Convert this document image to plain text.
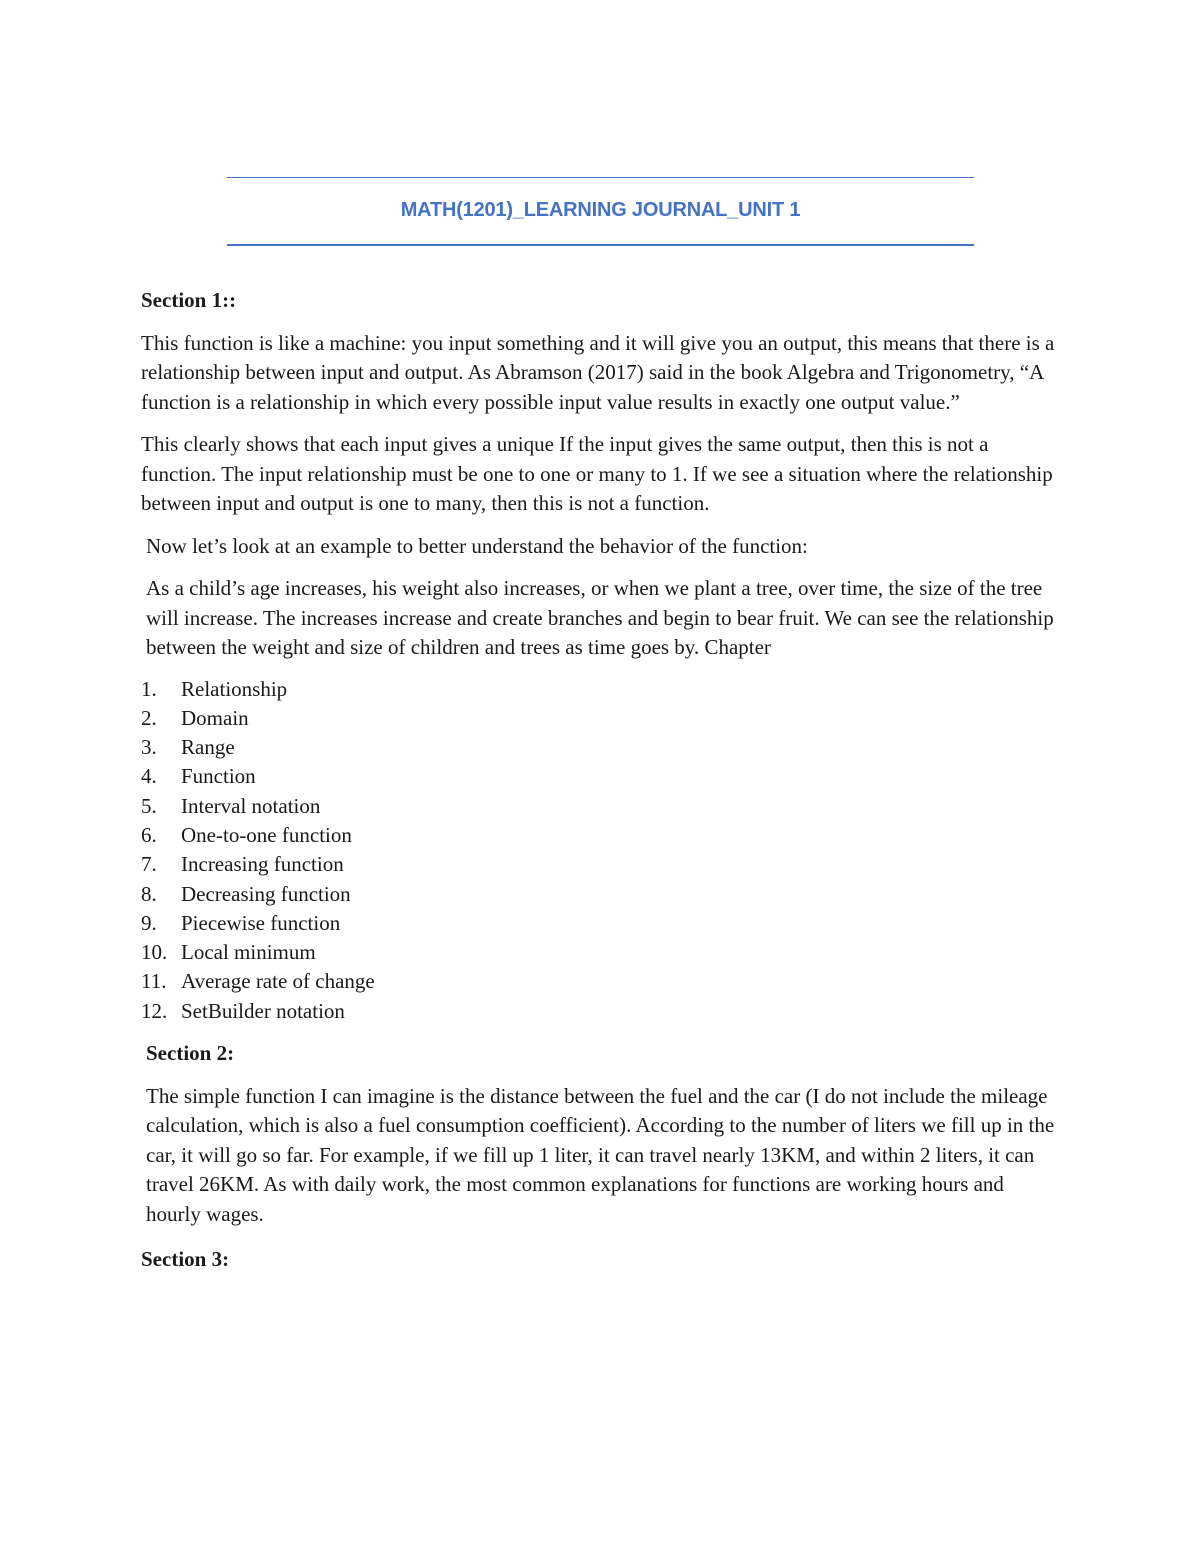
MATH(1201)_LEARNING JOURNAL_UNIT 1
Section 1::

This function is like a machine: you input something and it will give you an output, this means that there is a relationship between input and output. As Abramson (2017) said in the book Algebra and Trigonometry, “A function is a relationship in which every possible input value results in exactly one output value.”

This clearly shows that each input gives a unique If the input gives the same output, then this is not a function. The input relationship must be one to one or many to 1. If we see a situation where the relationship between input and output is one to many, then this is not a function.

Now let’s look at an example to better understand the behavior of the function:

As a child’s age increases, his weight also increases, or when we plant a tree, over time, the size of the tree will increase. The increases increase and create branches and begin to bear fruit. We can see the relationship between the weight and size of children and trees as time goes by. Chapter

1.	Relationship
2.	Domain
3.	Range
4.	Function
5.	Interval notation
6.	One-to-one function
7.	Increasing function
8.	Decreasing function
9.	Piecewise function
10. Local minimum
11. Average rate of change
12. SetBuilder notation
Section 2:

The simple function I can imagine is the distance between the fuel and the car (I do not include the mileage calculation, which is also a fuel consumption coefficient). According to the number of liters we fill up in the car, it will go so far. For example, if we fill up 1 liter, it can travel nearly 13KM, and within 2 liters, it can travel 26KM. As with daily work, the most common explanations for functions are working hours and hourly wages.

Section 3:
